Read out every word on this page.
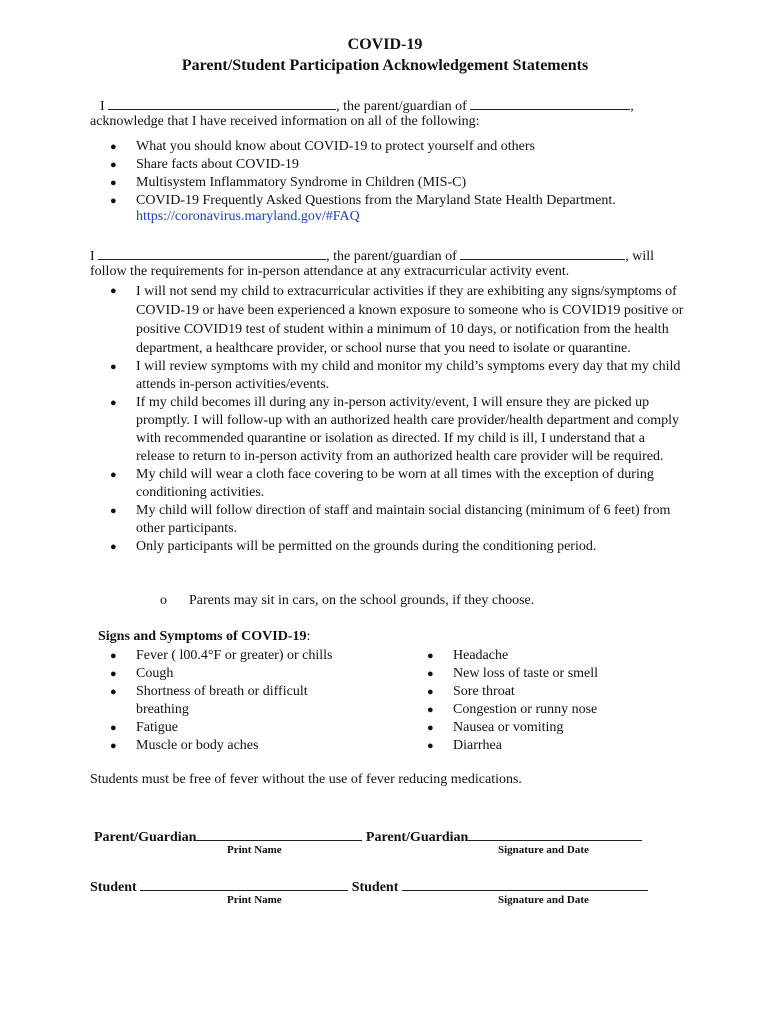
COVID-19
Parent/Student Participation Acknowledgement Statements
I	, the parent/guardian of	,
acknowledge that I have received information on all of the following:
● What you should know about COVID-19 to protect yourself and others
● Share facts about COVID-19
● Multisystem Inflammatory Syndrome in Children (MIS-C)
● COVID-19 Frequently Asked Questions from the Maryland State Health Department.
https://coronavirus.maryland.gov/#FAQ
I	, the parent/guardian of	, will
follow the requirements for in-person attendance at any extracurricular activity event.
● I will not send my child to extracurricular activities if they are exhibiting any signs/symptoms of COVID-19 or have been experienced a known exposure to someone who is COVID19 positive or positive COVID19 test of student within a minimum of 10 days, or notification from the health department, a healthcare provider, or school nurse that you need to isolate or quarantine.
● I will review symptoms with my child and monitor my child’s symptoms every day that my child attends in-person activities/events.
● If my child becomes ill during any in-person activity/event, I will ensure they are picked up promptly. I will follow-up with an authorized health care provider/health department and comply with recommended quarantine or isolation as directed. If my child is ill, I understand that a release to return to in-person activity from an authorized health care provider will be required.
● My child will wear a cloth face covering to be worn at all times with the exception of during conditioning activities.
● My child will follow direction of staff and maintain social distancing (minimum of 6 feet) from other participants.
● Only participants will be permitted on the grounds during the conditioning period.
o Parents may sit in cars, on the school grounds, if they choose.
Signs and Symptoms of COVID-19:
● Fever ( l00.4°F or greater) or chills
● Cough
● Shortness of breath or difficult breathing
● Fatigue
● Muscle or body aches
● Headache
● New loss of taste or smell
● Sore throat
● Congestion or runny nose
● Nausea or vomiting
● Diarrhea
Students must be free of fever without the use of fever reducing medications.
Parent/Guardian	Parent/Guardian
Print Name	Signature and Date
Student	Student
Print Name	Signature and Date
